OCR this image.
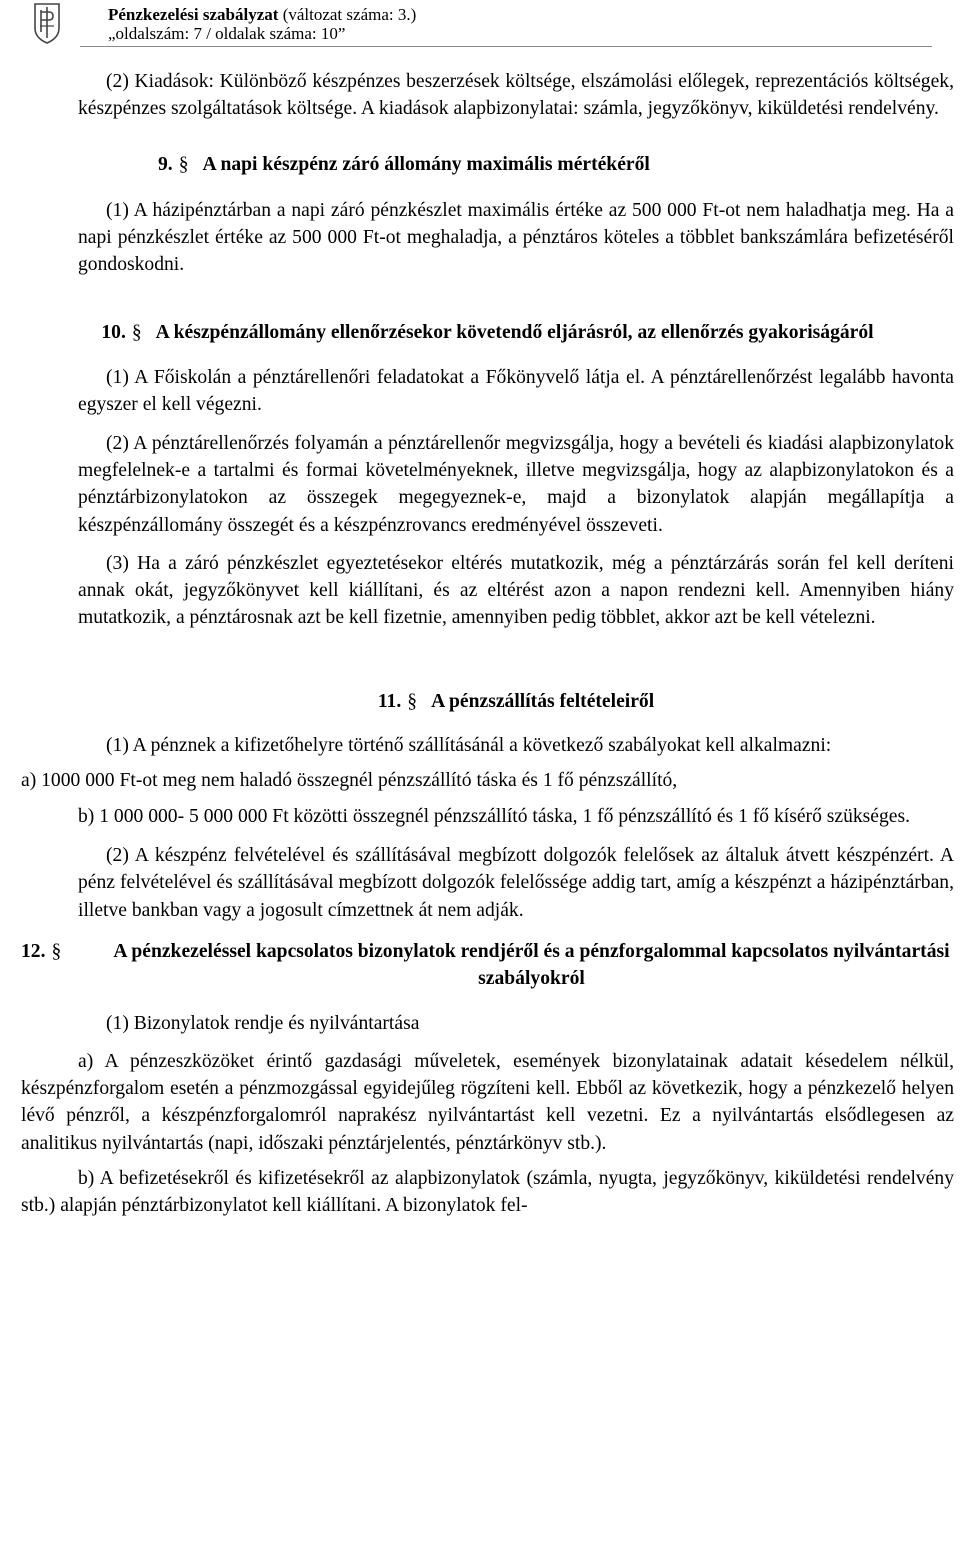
Pénzkezelési szabályzat (változat száma: 3.)
„oldalszám: 7 / oldalak száma: 10”

(2) Kiadások: Különböző készpénzes beszerzések költsége, elszámolási előlegek, reprezentációs költségek, készpénzes szolgáltatások költsége. A kiadások alapbizonylatai: számla, jegyzőkönyv, kiküldetési rendelvény.

9. § A napi készpénz záró állomány maximális mértékéről

(1) A házipénztárban a napi záró pénzkészlet maximális értéke az 500 000 Ft-ot nem haladhatja meg. Ha a napi pénzkészlet értéke az 500 000 Ft-ot meghaladja, a pénztáros köteles a többlet bankszámlára befizetéséről gondoskodni.

10. § A készpénzállomány ellenőrzésekor követendő eljárásról, az ellenőrzés gyakoriságáról

(1) A Főiskolán a pénztárellenőri feladatokat a Főkönyvelő látja el. A pénztárellenőrzést legalább havonta egyszer el kell végezni.

(2) A pénztárellenőrzés folyamán a pénztárellenőr megvizsgálja, hogy a bevételi és kiadási alapbizonylatok megfelelnek-e a tartalmi és formai követelményeknek, illetve megvizsgálja, hogy az alapbizonylatokon és a pénztárbizonylatokon az összegek megegyeznek-e, majd a bizonylatok alapján megállapítja a készpénzállomány összegét és a készpénzrovancs eredményével összeveti.

(3) Ha a záró pénzkészlet egyeztetésekor eltérés mutatkozik, még a pénztárzárás során fel kell deríteni annak okát, jegyzőkönyvet kell kiállítani, és az eltérést azon a napon rendezni kell. Amennyiben hiány mutatkozik, a pénztárosnak azt be kell fizetnie, amennyiben pedig többlet, akkor azt be kell vételezni.

11. § A pénzszállítás feltételeiről

(1) A pénznek a kifizetőhelyre történő szállításánál a következő szabályokat kell alkalmazni:

a) 1000 000 Ft-ot meg nem haladó összegnél pénzszállító táska és 1 fő pénzszállító,

b) 1 000 000- 5 000 000 Ft közötti összegnél pénzszállító táska, 1 fő pénzszállító és 1 fő kísérő szükséges.

(2) A készpénz felvételével és szállításával megbízott dolgozók felelősek az általuk átvett készpénzért. A pénz felvételével és szállításával megbízott dolgozók felelőssége addig tart, amíg a készpénzt a házipénztárban, illetve bankban vagy a jogosult címzettnek át nem adják.

12. §	A pénzkezeléssel kapcsolatos bizonylatok rendjéről és a pénzforgalommal kapcsolatos nyilvántartási szabályokról

(1) Bizonylatok rendje és nyilvántartása

a) A pénzeszközöket érintő gazdasági műveletek, események bizonylatainak adatait késedelem nélkül, készpénzforgalom esetén a pénzmozgással egyidejűleg rögzíteni kell. Ebből az következik, hogy a pénzkezelő helyen lévő pénzről, a készpénzforgalomról naprakész nyilvántartást kell vezetni. Ez a nyilvántartás elsődlegesen az analitikus nyilvántartás (napi, időszaki pénztárjelentés, pénztárkönyv stb.).

b) A befizetésekről és kifizetésekről az alapbizonylatok (számla, nyugta, jegyzőkönyv, kiküldetési rendelvény stb.) alapján pénztárbizonylatot kell kiállítani. A bizonylatok fel-
